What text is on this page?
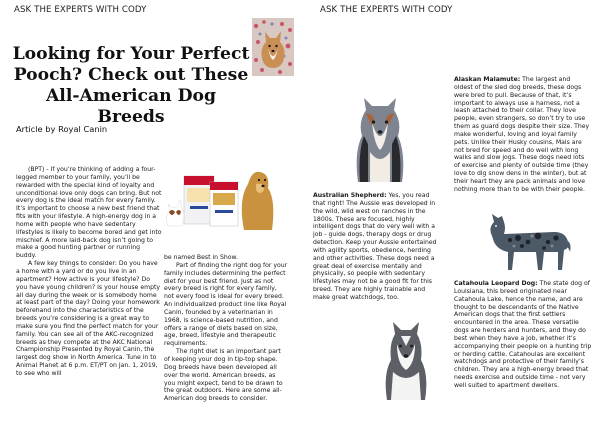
ASK THE EXPERTS WITH CODY
Looking for Your Perfect Pooch? Check out These All-American Dog Breeds
Article by Royal Canin

(BPT) - If you’re thinking of adding a four-legged member to your family, you’ll be rewarded with the special kind of loyalty and unconditional love only dogs can bring. But not every dog is the ideal match for every family. It’s important to choose a new best friend that fits with your lifestyle. A high-energy dog in a home with people who have sedentary lifestyles is likely to become bored and get into mischief. A more laid-back dog isn’t going to make a good hunting partner or running buddy.

A few key things to consider: Do you have a home with a yard or do you live in an apartment? How active is your lifestyle? Do you have young children? Is your house empty all day during the week or is somebody home at least part of the day? Doing your homework beforehand into the characteristics of the breeds you’re considering is a great way to make sure you find the perfect match for your family. You can see all of the AKC-recognized breeds as they compete at the AKC National Championship Presented by Royal Canin, the largest dog show in North America. Tune in to Animal Planet at 6 p.m. ET/PT on Jan. 1, 2019, to see who will

be named Best in Show.

Part of finding the right dog for your family includes determining the perfect diet for your best friend. Just as not every breed is right for every family, not every food is ideal for every breed. An individualized product line like Royal Canin, founded by a veterinarian in 1968, is science-based nutrition, and offers a range of diets based on size, age, breed, lifestyle and therapeutic requirements.

The right diet is an important part of keeping your dog in tip-top shape. Dog breeds have been developed all over the world. American breeds, as you might expect, tend to be drawn to the great outdoors. Here are some all-American dog breeds to consider.

ASK THE EXPERTS WITH CODY

Australian Shepherd: Yes, you read that right! The Aussie was developed in the wild, wild west on ranches in the 1800s. These are focused, highly intelligent dogs that do very well with a job - guide dogs, therapy dogs or drug detection. Keep your Aussie entertained with agility sports, obedience, herding and other activities. These dogs need a great deal of exercise mentally and physically, so people with sedentary lifestyles may not be a good fit for this breed. They are highly trainable and make great watchdogs, too.

Alaskan Malamute: The largest and oldest of the sled dog breeds, these dogs were bred to pull. Because of that, it’s important to always use a harness, not a leash attached to their collar. They love people, even strangers, so don’t try to use them as guard dogs despite their size. They make wonderful, loving and loyal family pets. Unlike their Husky cousins, Mals are not bred for speed and do well with long walks and slow jogs. These dogs need lots of exercise and plenty of outside time (they love to dig snow dens in the winter), but at their heart they are pack animals and love nothing more than to be with their people.

Catahoula Leopard Dog: The state dog of Louisiana, this breed originated near Catahoula Lake, hence the name, and are thought to be descendants of the Native American dogs that the first settlers encountered in the area. These versatile dogs are herders and hunters, and they do best when they have a job, whether it’s accompanying their people on a hunting trip or herding cattle. Catahoulas are excellent watchdogs and protective of their family’s children. They are a high-energy breed that needs exercise and outside time - not very well suited to apartment dwellers.
